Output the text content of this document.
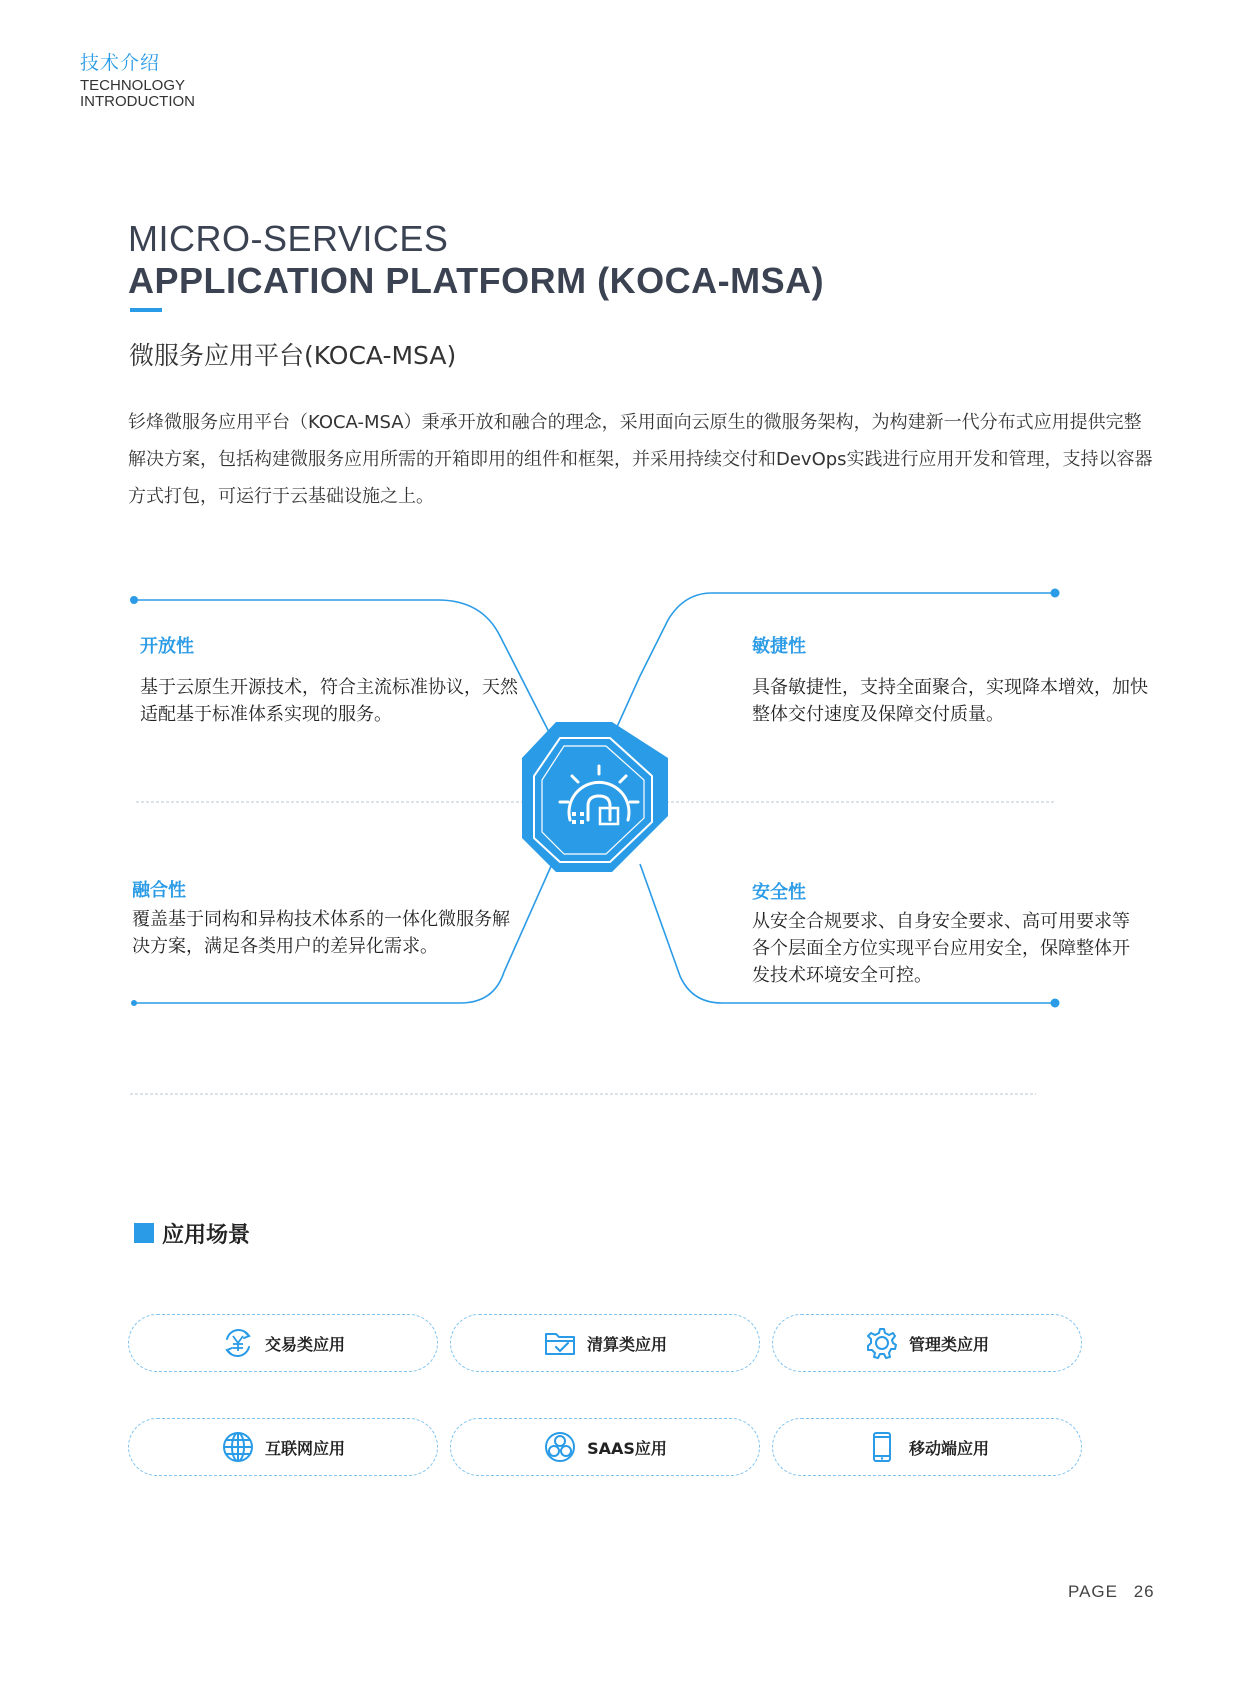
技术介绍
TECHNOLOGY
INTRODUCTION
MICRO-SERVICES
APPLICATION PLATFORM (KOCA-MSA)
微服务应用平台(KOCA-MSA)

钐烽微服务应用平台（KOCA-MSA）秉承开放和融合的理念，采用面向云原生的微服务架构，为构建新一代分布式应用提供完整解决方案，包括构建微服务应用所需的开箱即用的组件和框架，并采用持续交付和DevOps实践进行应用开发和管理，支持以容器方式打包，可运行于云基础设施之上。

开放性

基于云原生开源技术，符合主流标准协议，天然适配基于标准体系实现的服务。

敏捷性

具备敏捷性，支持全面聚合，实现降本增效，加快整体交付速度及保障交付质量。

融合性

覆盖基于同构和异构技术体系的一体化微服务解决方案，满足各类用户的差异化需求。

安全性

从安全合规要求、自身安全要求、高可用要求等各个层面全方位实现平台应用安全，保障整体开发技术环境安全可控。

应用场景
交易类应用	清算类应用	管理类应用
互联网应用	SAAS应用	移动端应用
PAGE 26
